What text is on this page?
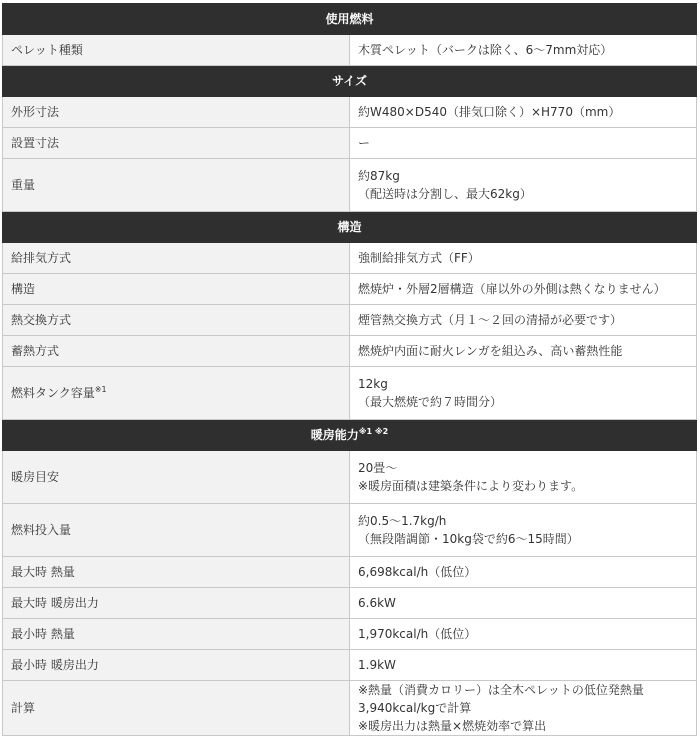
使用燃料	
ペレット種類	木質ペレット（バークは除く、6～7mm対応）
サイズ	
外形寸法	約W480×D540（排気口除く）×H770（mm）
設置寸法	ー
重量	約87kg
（配送時は分割し、最大62kg）

構造	
給排気方式	強制給排気方式（FF）
構造	燃焼炉・外層2層構造（扉以外の外側は熱くなりません）
熱交換方式	煙管熱交換方式（月１～２回の清掃が必要です）
蓄熱方式	燃焼炉内面に耐火レンガを組込み、高い蓄熱性能
燃料タンク容量$^{※1}$	12kg
（最大燃焼で約７時間分）

暖房能力$^{※1 ※2}$
暖房目安	20畳～
※暖房面積は建築条件により変わります。

燃料投入量	約0.5～1.7kg/h
（無段階調節・10kg袋で約6～15時間）

最大時 熱量	6,698kcal/h（低位）
最大時 暖房出力	6.6kW
最小時 熱量	1,970kcal/h（低位）
最小時 暖房出力	1.9kW
計算	※熱量（消費カロリー）は全木ペレットの低位発熱量　3,940kcal/kgで計算
※暖房出力は熱量×燃焼効率で算出
